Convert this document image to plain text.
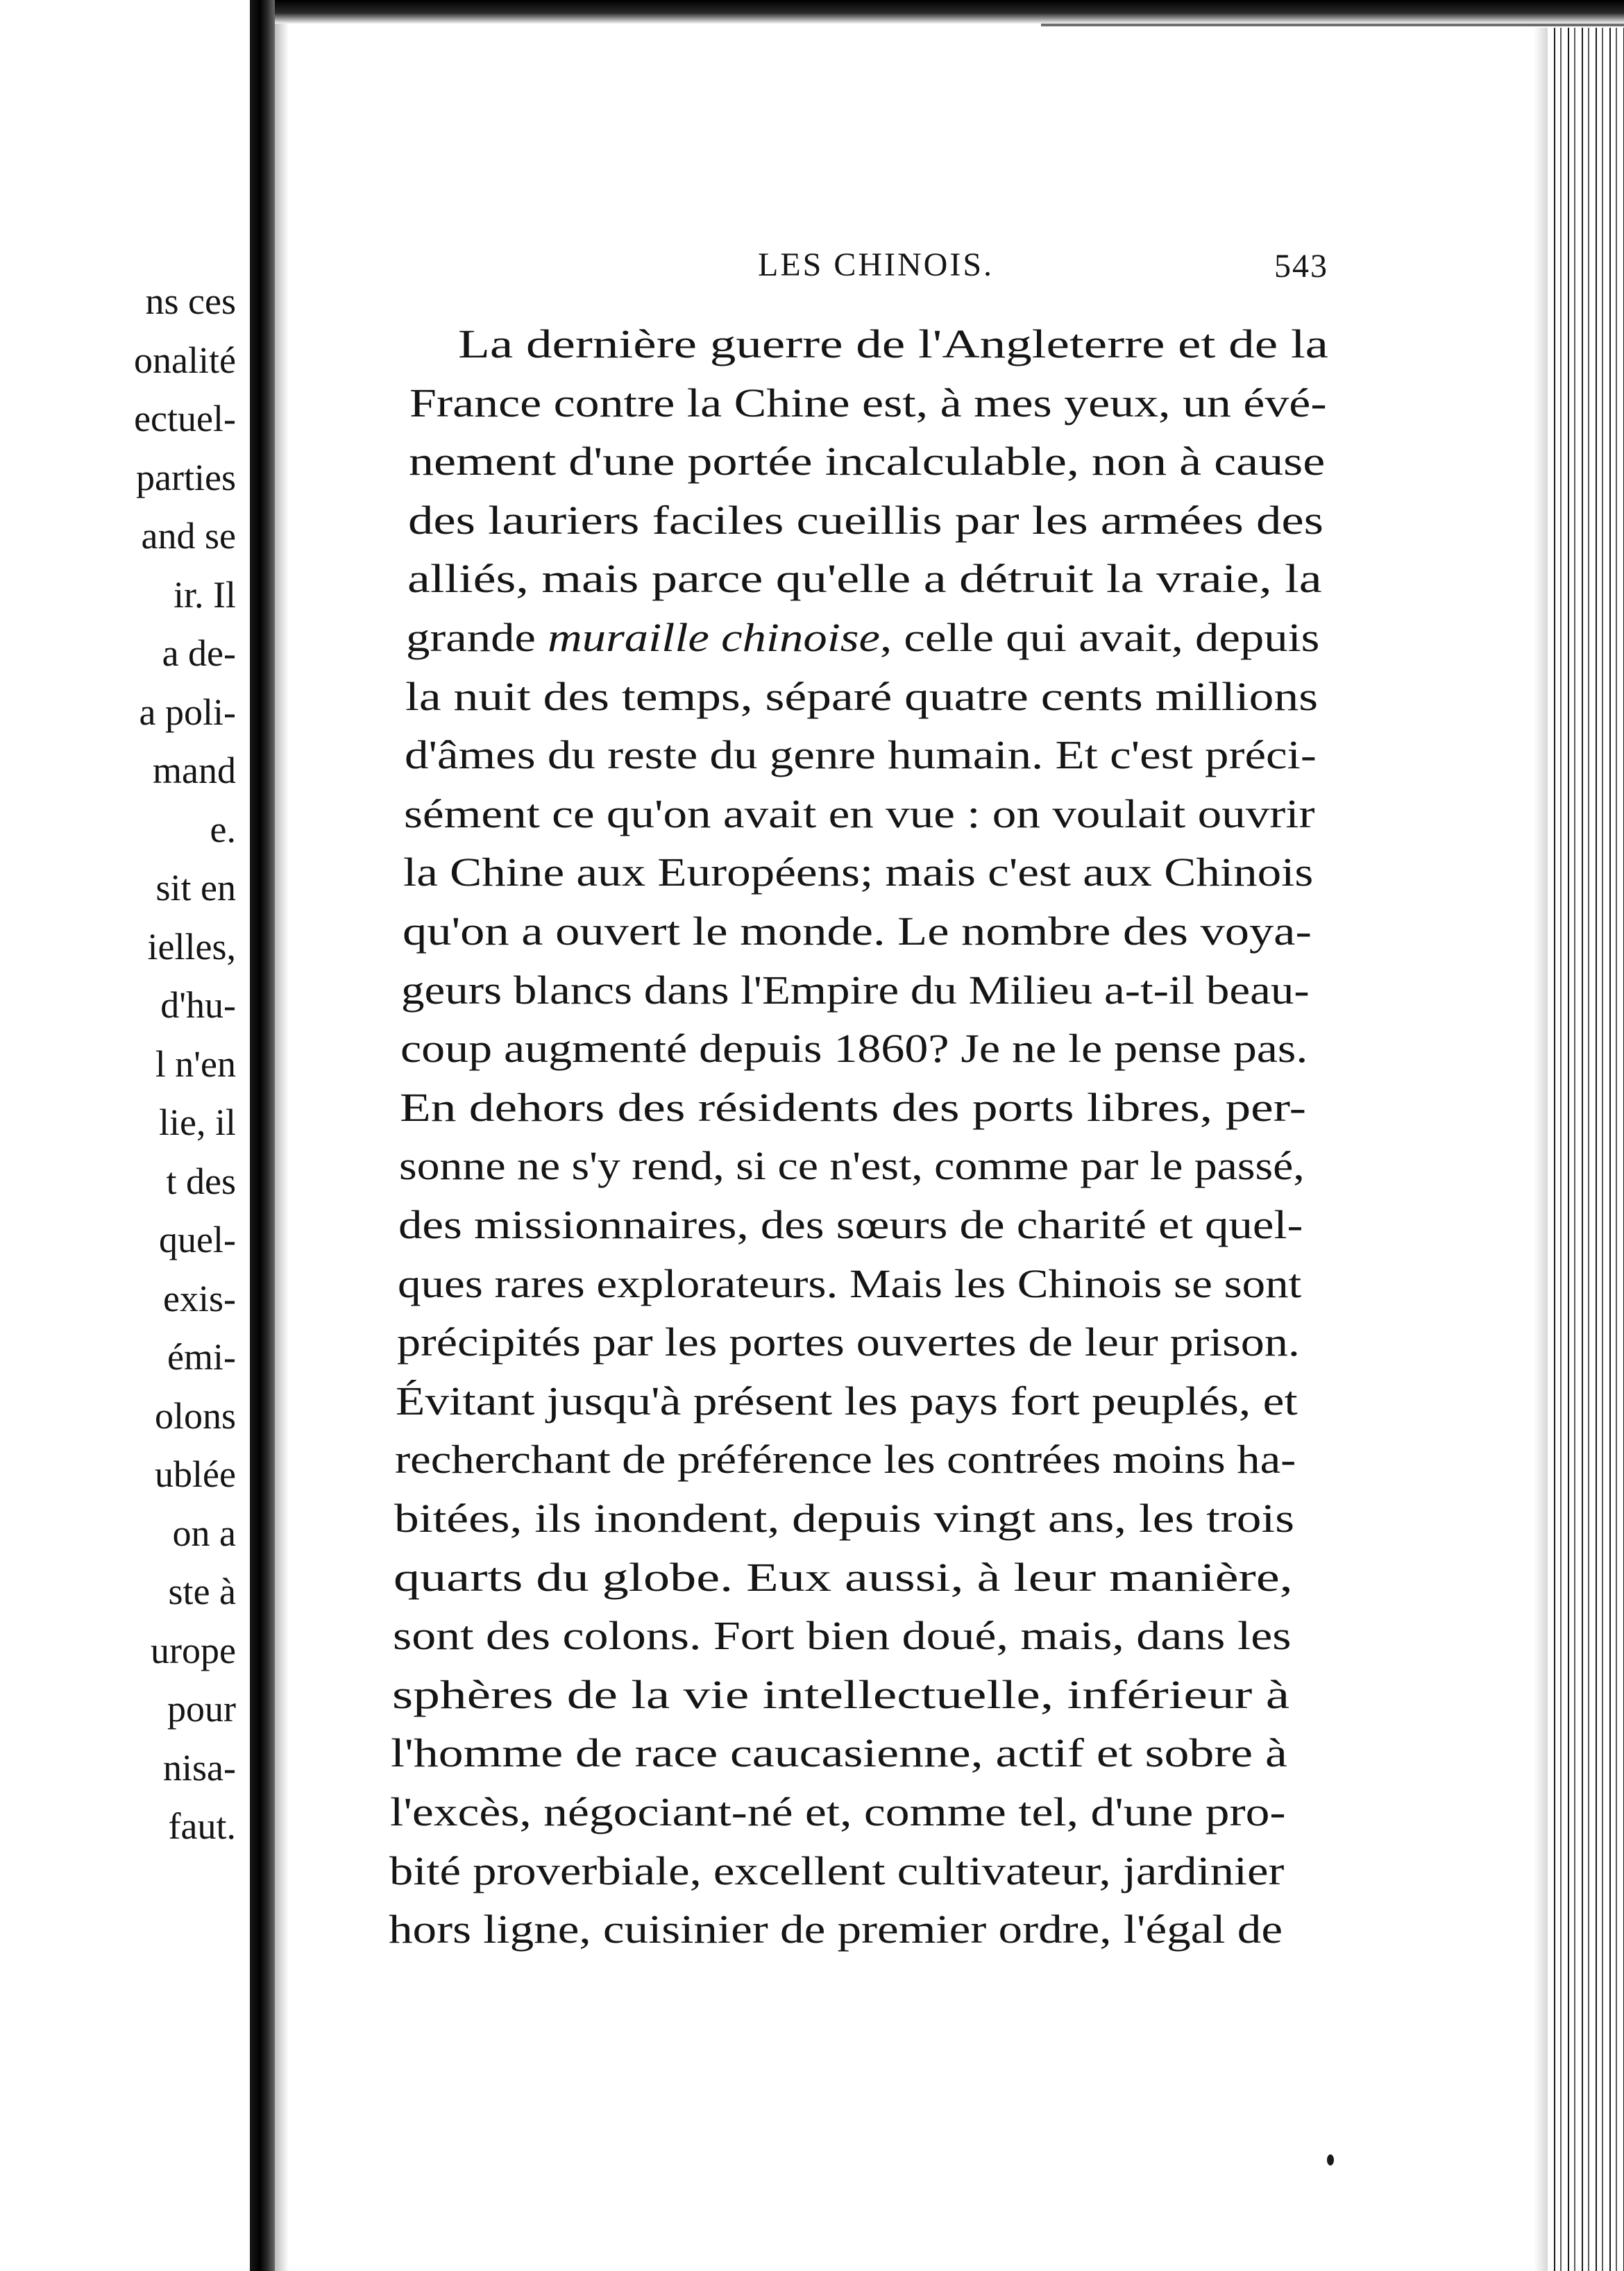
ns ces
onalité
ectuel-
parties
and se
ir. Il
a de-
a poli-
mand
e.
sit en
ielles,
d'hu-
l n'en
lie, il
t des
quel-
exis-
émi-
olons
ublée
on a
ste à
urope
pour
nisa-
faut.
LES CHINOIS.	543
La dernière guerre de l'Angleterre et de la
France contre la Chine est, à mes yeux, un évé-
nement d'une portée incalculable, non à cause
des lauriers faciles cueillis par les armées des
alliés, mais parce qu'elle a détruit la vraie, la
grande muraille chinoise, celle qui avait, depuis
la nuit des temps, séparé quatre cents millions
d'âmes du reste du genre humain. Et c'est préci-
sément ce qu'on avait en vue : on voulait ouvrir
la Chine aux Européens; mais c'est aux Chinois
qu'on a ouvert le monde. Le nombre des voya-
geurs blancs dans l'Empire du Milieu a-t-il beau-
coup augmenté depuis 1860? Je ne le pense pas.
En dehors des résidents des ports libres, per-
sonne ne s'y rend, si ce n'est, comme par le passé,
des missionnaires, des sœurs de charité et quel-
ques rares explorateurs. Mais les Chinois se sont
précipités par les portes ouvertes de leur prison.
Évitant jusqu'à présent les pays fort peuplés, et
recherchant de préférence les contrées moins ha-
bitées, ils inondent, depuis vingt ans, les trois
quarts du globe. Eux aussi, à leur manière,
sont des colons. Fort bien doué, mais, dans les
sphères de la vie intellectuelle, inférieur à
l'homme de race caucasienne, actif et sobre à
l'excès, négociant-né et, comme tel, d'une pro-
bité proverbiale, excellent cultivateur, jardinier
hors ligne, cuisinier de premier ordre, l'égal de
